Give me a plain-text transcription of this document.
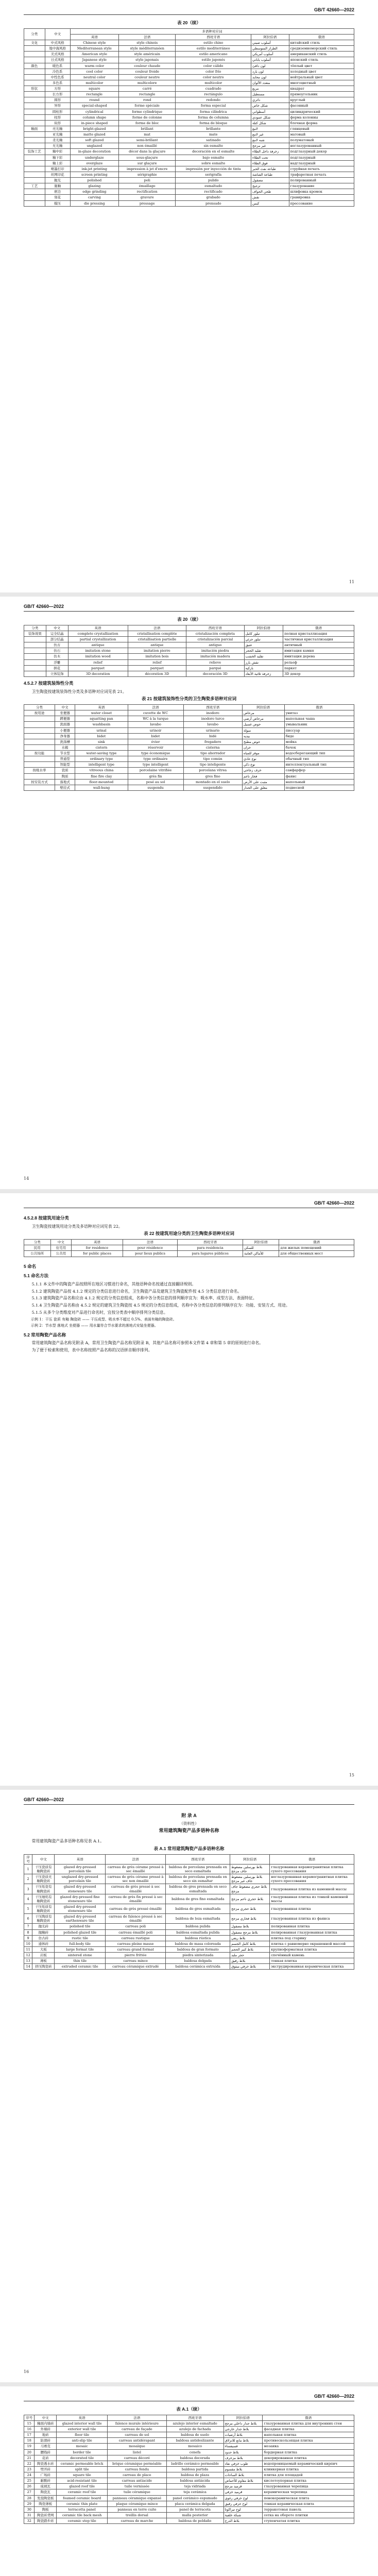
GB/T 42660—2022
表 20（续）
分类	中文	多语种对应词				
		英语	法语	西班牙语	阿拉伯语	俄语
文化	中式风格	Chinese style	style chinois	estilo chino	أسلوب صيني	китайский стиль
	地中海风格	Mediterranean style	style méditerranéen	estilo mediterráneo	الطراز المتوسطي	средиземноморский стиль
	美式风格	American style	style américain	estilo americano	أسلوب أمريكي	американский стиль
	日式风格	Japanese style	style japonais	estilo japonés	أسلوب ياباني	японский стиль
颜色	暖色系	warm color	couleur chaude	color cálido	لون دافئ	тёплый цвет
	冷色系	cool color	couleur froide	color frío	لون بارد	холодный цвет
	中性色系	neutral color	couleur neutre	color neutro	لون محايد	нейтральный цвет
	多色系	multicolor	multicolore	multicolor	متعدد الألوان	многоцветный
形状	方形	square	carré	cuadrado	مربع	квадрат
	长方形	rectangle	rectangle	rectángulo	مستطيل	прямоугольник
	圆形	round	rond	redondo	دائري	круглый
	异形	special-shaped	forme spéciale	forma especial	شكل خاص	фасонный
	圆柱形	cylindrical	forme cylindrique	forma cilíndrica	أسطواني	цилиндрический
	柱形	column shape	forme de colonne	forma de columna	شكل عمودي	форма колонны
	块形	in-piece shaped	forme de bloc	forma de bloque	شكل كتلة	блочная форма
釉面	亮光釉	bright-glazed	brillant	brillante	لامع	глянцевый
	亚光釉	matte glazed	mat	mate	غير لامع	матовый
	柔光釉	soft glazed	semi-brillant	satinado	شبه لامع	полуматовый
	无光釉	unglazed	non émaillé	sin esmalte	غير مزجج	неглазурованный
装饰工艺	釉中彩	in-glaze decoration	décor dans la glaçure	decoración en el esmalte	زخرفة داخل الطلاء	подглазурный декор
	釉下彩	underglaze	sous-glaçure	bajo esmalte	تحت الطلاء	подглазурный
	釉上彩	overglaze	sur glaçure	sobre esmalte	فوق الطلاء	надглазурный
	喷墨打印	ink-jet printing	impression à jet d'encre	impresión por inyección de tinta	طباعة نفث الحبر	струйная печать
	丝网印花	screen printing	sérigraphie	serigrafía	طباعة الشاشة	трафаретная печать
	抛光	polished	poli	pulido	مصقول	полированный
工艺	施釉	glazing	émaillage	esmaltado	تزجيج	глазурование
	磨边	edge grinding	rectification	rectificado	طحن الحواف	шлифовка кромок
	刻花	carving	gravure	grabado	نقش	гравировка
	模压	die pressing	pressage	prensado	كبس	прессование
11
GB/T 42660—2022
表 20（续）
分类	中文	英语	法语	西班牙语	阿拉伯语	俄语
装饰效果	完全结晶	complete crystallization	cristallisation complète	cristalización completa	تبلور كامل	полная кристаллизация
	部分结晶	partial crystallization	cristallisation partielle	cristalización parcial	تبلور جزئي	частичная кристаллизация
	仿古	antique	antique	antiguo	عتيق	античный
	仿石	imitation stone	imitation pierre	imitación piedra	تقليد الحجر	имитация камня
	仿木	imitation wood	imitation bois	imitación madera	تقليد الخشب	имитация дерева
	浮雕	relief	relief	relieve	نقش بارز	рельеф
	拼花	parquet	parquet	parqué	باركيه	паркет
	立体装饰	3D decoration	décoration 3D	decoración 3D	زخرفة ثلاثية الأبعاد	3D декор
4.5.2.7 按建筑装饰性分类
卫生陶瓷按建筑装饰性分类及多语种对应词见表 21。
表 21 按建筑装饰性分类的卫生陶瓷多语种对应词
分类	中文	英语	法语	西班牙语	阿拉伯语	俄语
按用途	坐便器	water closet	cuvette de WC	inodoro	مرحاض	унитаз
	蹲便器	squatting pan	WC à la turque	inodoro turco	مرحاض أرضي	напольная чаша
	洗面器	washbasin	lavabo	lavabo	حوض غسيل	умывальник
	小便器	urinal	urinoir	urinario	مبولة	писсуар
	净身器	bidet	bidet	bidé	بيديه	биде
	洗涤槽	sink	évier	fregadero	حوض مطبخ	мойка
	水箱	cistern	réservoir	cisterna	خزان	бачок
按功能	节水型	water-saving type	type économique	tipo ahorrador	موفر للمياه	водосберегающий тип
	普通型	ordinary type	type ordinaire	tipo común	نوع عادي	обычный тип
	智能型	intelligent type	type intelligent	tipo inteligente	نوع ذكي	интеллектуальный тип
按吸水率	瓷质	vitreous china	porcelaine vitrifiée	porcelana vítrea	خزف زجاجي	санфарфор
	陶质	fine fire clay	grès fin	gres fino	فخار ناعم	фаянс
按安装方式	落地式	floor-mounted	posé au sol	montado en el suelo	مثبت على الأرض	напольный
	壁挂式	wall-hung	suspendu	suspendido	معلق على الجدار	подвесной
14
GB/T 42660—2022
4.5.2.8 按建筑用途分类
卫生陶瓷按建筑用途分类及多语种对应词见表 22。
表 22 按建筑用途分类的卫生陶瓷多语种对应词
分类	中文	英语	法语	西班牙语	阿拉伯语	俄语
民用	住宅用	for residence	pour résidence	para residencia	للسكن	для жилых помещений
公共场所	公共用	for public places	pour lieux publics	para lugares públicos	للأماكن العامة	для общественных мест
5 命名
5.1 命名方法
5.1.1 本文件中的陶瓷产品按照所在地区习惯进行命名，其他语种命名按通过直接翻译规则。
5.1.2 建筑陶瓷产品按 4.1.2 规定的分类信息进行命名，卫生陶瓷产品及建筑卫生陶瓷配件按 4.5 分类信息进行命名。
5.1.3 建筑陶瓷产品名称应由 4.1.2 规定的分类信息组成，名称中各分类信息的排列顺序宜为：吸水率、成型方法、表面特征。
5.1.4 卫生陶瓷产品名称由 4.5.2 规定的建筑卫生陶瓷按 4.5 规定的分类信息组成，名称中各分类信息的排列顺序宜为：功能、安装方式、用途。
5.1.5 从多个分类维度对产品进行命名时，宜按分类表中顺序排列分类信息。
示例 1：干压 瓷质 有釉 陶瓷砖 —— 干压成型、吸水率不超过 0.5%、表面有釉的陶瓷砖。
示例 2：节水型 落地式 坐便器 —— 用水量符合节水要求的落地式安装坐便器。
5.2 常用陶瓷产品名称
常用建筑陶瓷产品名称见附录 A，常用卫生陶瓷产品名称见附录 B，其他产品名称可参照本文件第 4 章和第 5 章的原则进行命名。
为了便于检索和使用，表中名称按照产品名称的汉语拼音顺序排列。
15
GB/T 42660—2022
附 录 A
（资料性）
常用建筑陶瓷产品多语种名称
常用建筑陶瓷产品多语种名称见表 A.1。
表 A.1 常用建筑陶瓷产品多语种名称
序号	中文	英语	法语	西班牙语	阿拉伯语	俄语
1	干压瓷质有釉陶瓷砖	glazed dry-pressed porcelain tile	carreau de grès cérame pressé à sec émaillé	baldosa de porcelana prensada en seco esmaltada	بلاط بورسلين مضغوط جاف مزجج	глазурованная керамогранитная плитка сухого прессования
2	干压瓷质无釉陶瓷砖	unglazed dry-pressed porcelain tile	carreau de grès cérame pressé à sec non émaillé	baldosa de porcelana prensada en seco sin esmaltar	بلاط بورسلين مضغوط جاف غير مزجج	неглазурованная керамогранитная плитка сухого прессования
3	干压炻瓷有釉陶瓷砖	glazed dry-pressed stoneware tile	carreau de grès pressé à sec émaillé	baldosa de gres prensada en seco esmaltada	بلاط حجري مضغوط جاف مزجج	глазурованная плитка из каменной массы
4	干压细炻有釉陶瓷砖	glazed dry-pressed fine stoneware tile	carreau de grès fin pressé à sec émaillé	baldosa de gres fino esmaltada	بلاط حجري ناعم مزجج	глазурованная плитка из тонкой каменной массы
5	干压炻质有釉陶瓷砖	glazed dry-pressed stoneware tile	carreau de grès pressé émaillé	baldosa de gres esmaltada	بلاط حجري مزجج	глазурованная плитка
6	干压陶质有釉陶瓷砖	glazed dry-pressed earthenware tile	carreau de faïence pressé à sec émaillé	baldosa de loza esmaltada	بلاط فخاري مزجج	глазурованная плитка из фаянса
7	抛光砖	polished tile	carreau poli	baldosa pulida	بلاط مصقول	полированная плитка
8	抛釉砖	polished glazed tile	carreau émaillé poli	baldosa esmaltada pulida	بلاط مزجج مصقول	полированная глазурованная плитка
9	仿古砖	rustic tile	carreau rustique	baldosa rústica	بلاط ريفي	плитка под старину
10	通体砖	full-body tile	carreau pleine masse	baldosa de masa coloreada	بلاط كامل الجسم	плитка с равномерно окрашенной массой
11	大板	large format tile	carreau grand format	baldosa de gran formato	بلاط كبير الحجم	крупноформатная плитка
12	岩板	sintered stone	pierre frittée	piedra sinterizada	حجر ملبد	спечённый камень
13	薄板	thin tile	carreau mince	baldosa delgada	بلاط رقيق	тонкая плитка
14	挤压陶瓷砖	extruded ceramic tile	carreau céramique extrudé	baldosa cerámica extruida	بلاط خزفي مبثوق	экструдированная керамическая плитка
16
GB/T 42660—2022
表 A.1（续）
序号	中文	英语	法语	西班牙语	阿拉伯语	俄语
15	釉面内墙砖	glazed interior wall tile	faïence murale intérieure	azulejo interior esmaltado	بلاط جدار داخلي مزجج	глазурованная плитка для внутренних стен
16	外墙砖	exterior wall tile	carreau de façade	azulejo de fachada	بلاط جدار خارجي	фасадная плитка
17	地砖	floor tile	carreau de sol	baldosa de suelo	بلاط أرضيات	напольная плитка
18	防滑砖	anti-slip tile	carreau antidérapant	baldosa antideslizante	بلاط مانع للانزلاق	противоскользящая плитка
19	马赛克	mosaic	mosaïque	mosaico	فسيفساء	мозаика
20	腰线砖	border tile	listel	cenefa	بلاط حدود	бордюрная плитка
21	花砖	decorated tile	carreau décoré	baldosa decorada	بلاط مزخرف	декорированная плитка
22	陶瓷透水砖	ceramic permeable brick	brique céramique perméable	ladrillo cerámico permeable	طوب خزفي نفاذ	водопроницаемый керамический кирпич
23	劈开砖	split tile	carreau fendu	baldosa partida	بلاط مقسوم	клинкерная плитка
24	广场砖	square tile	carreau de place	baldosa de plaza	بلاط الساحات	плитка для площадей
25	耐酸砖	acid-resistant tile	carreau antiacide	baldosa antiácida	بلاط مقاوم للأحماض	кислотоупорная плитка
26	琉璃瓦	glazed roof tile	tuile vernissée	teja vidriada	قرميد مزجج	глазурованная черепица
27	陶瓷瓦	ceramic roof tile	tuile céramique	teja cerámica	قرميد خزفي	керамическая черепица
28	发泡陶瓷板	foamed ceramic board	panneau céramique expansé	panel cerámico espumado	لوح خزفي رغوي	пенокерамическая плита
29	陶瓷薄板	ceramic thin plate	plaque céramique mince	placa cerámica delgada	لوح خزفي رقيق	тонкая керамическая плита
30	陶板	terracotta panel	panneau en terre cuite	panel de terracota	لوح تيراكوتا	терракотовая панель
31	陶瓷砖背网	ceramic tile back mesh	treillis dorsal	malla posterior	شبكة خلفية	сетка на обороте плитки
32	陶瓷踏步砖	ceramic step tile	carreau de marche	baldosa de peldaño	بلاط الدرج	ступенчатая плитка
